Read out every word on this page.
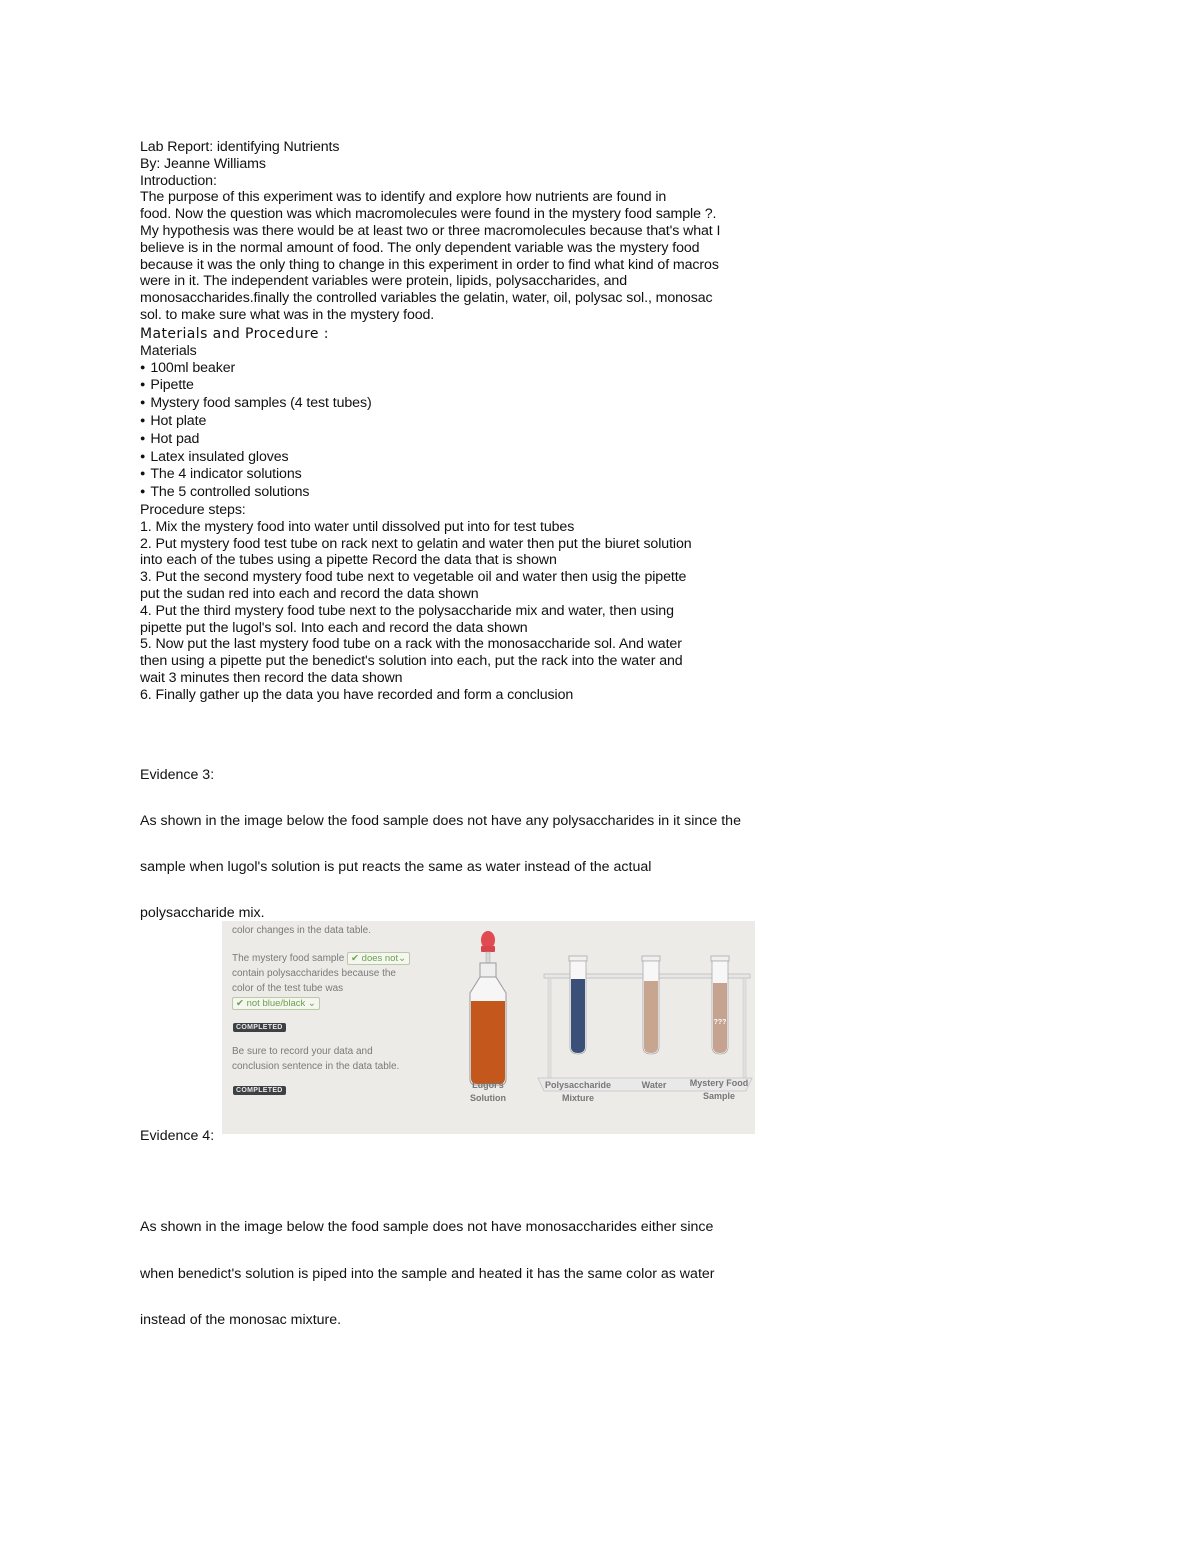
Lab Report: identifying Nutrients
By: Jeanne Williams
Introduction:
The purpose of this experiment was to identify and explore how nutrients are found in
food. Now the question was which macromolecules were found in the mystery food sample ?.
My hypothesis was there would be at least two or three macromolecules because that's what I
believe is in the normal amount of food. The only dependent variable was the mystery food
because it was the only thing to change in this experiment in order to find what kind of macros
were in it. The independent variables were protein, lipids, polysaccharides, and
monosaccharides.finally the controlled variables the gelatin, water, oil, polysac sol., monosac
sol. to make sure what was in the mystery food.
Materials and Procedure :
Materials
● 100ml beaker
● Pipette
● Mystery food samples (4 test tubes)
● Hot plate
● Hot pad
● Latex insulated gloves
● The 4 indicator solutions
● The 5 controlled solutions
Procedure steps:
1. Mix the mystery food into water until dissolved put into for test tubes
2. Put mystery food test tube on rack next to gelatin and water then put the biuret solution
into each of the tubes using a pipette Record the data that is shown
3. Put the second mystery food tube next to vegetable oil and water then usig the pipette
put the sudan red into each and record the data shown
4. Put the third mystery food tube next to the polysaccharide mix and water, then using
pipette put the lugol's sol. Into each and record the data shown
5. Now put the last mystery food tube on a rack with the monosaccharide sol. And water
then using a pipette put the benedict's solution into each, put the rack into the water and
wait 3 minutes then record the data shown
6. Finally gather up the data you have recorded and form a conclusion
Evidence 3:
As shown in the image below the food sample does not have any polysaccharides in it since the
sample when lugol's solution is put reacts the same as water instead of the actual
polysaccharide mix.
color changes in the data table.
The mystery food sample ✔ does not⌄
contain polysaccharides because the
color of the test tube was
✔ not blue/black ⌄
COMPLETED
Be sure to record your data and
conclusion sentence in the data table.
COMPLETED
???
Lugol's
Solution
Polysaccharide
Mixture
Water	Mystery Food
Sample
Evidence 4:
As shown in the image below the food sample does not have monosaccharides either since
when benedict's solution is piped into the sample and heated it has the same color as water
instead of the monosac mixture.
